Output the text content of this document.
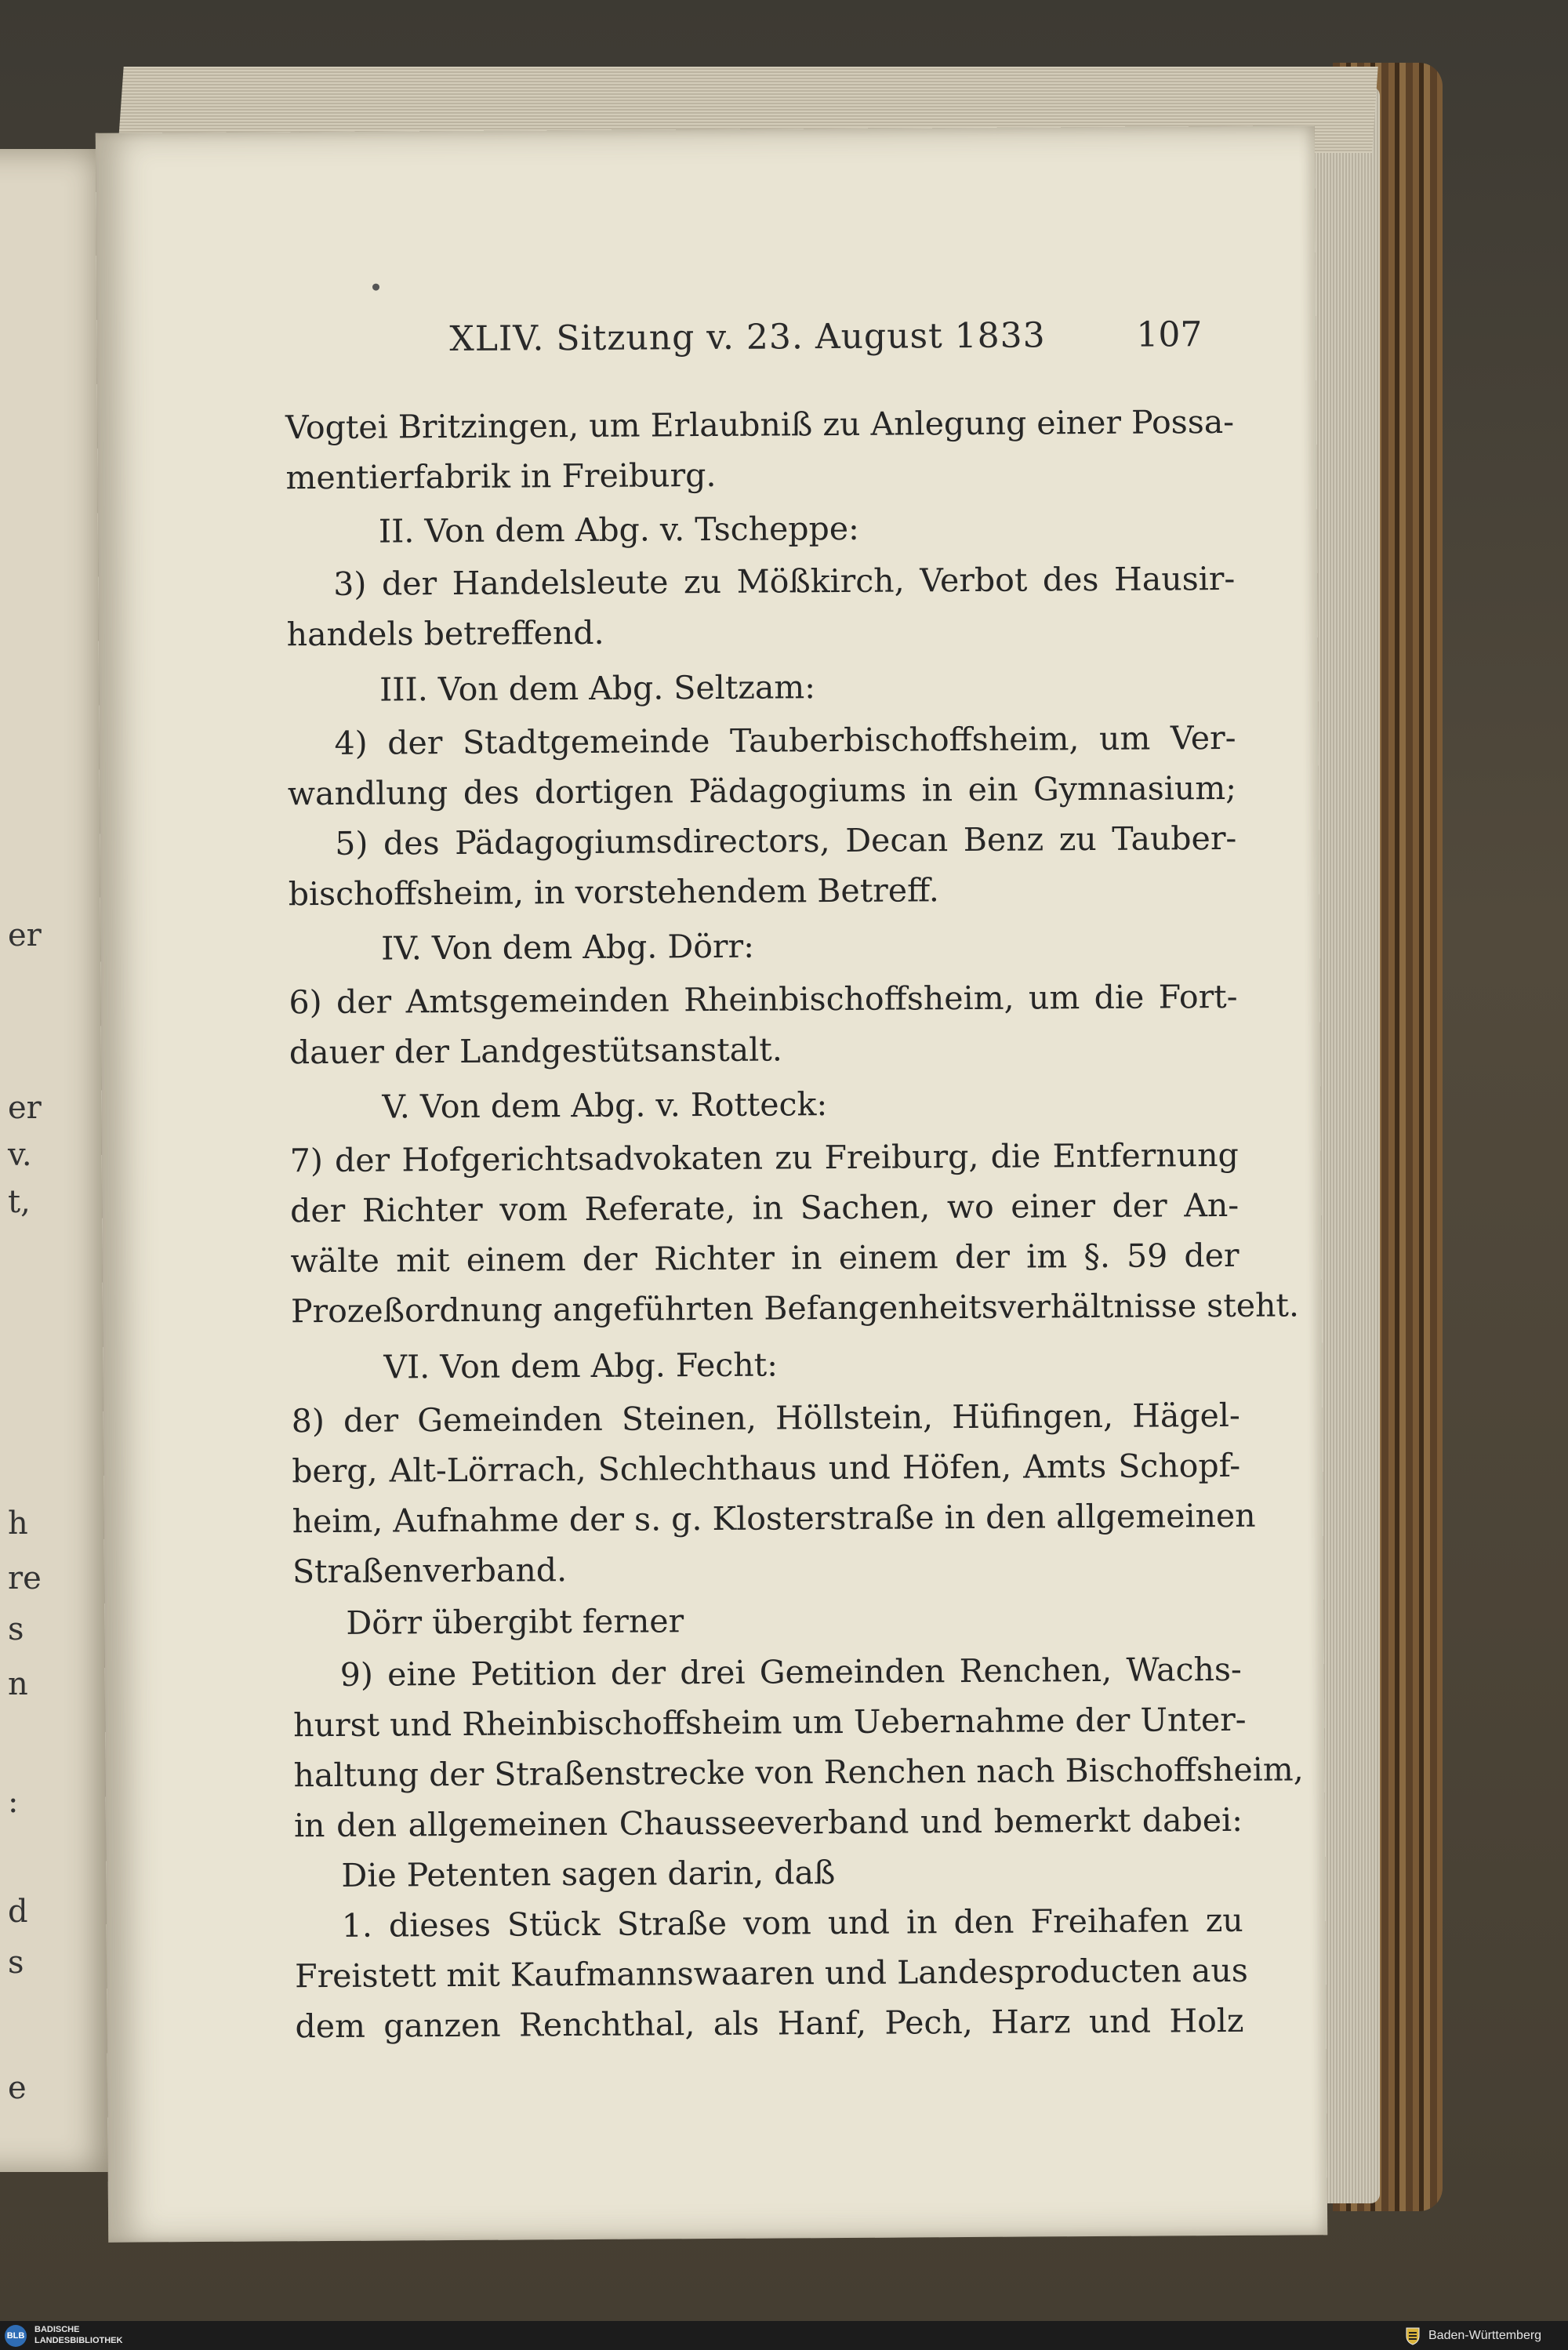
er
er
v.
t,
h
re
s
n
:
d
s
e
XLIV. Sitzung v. 23. August 1833	107
Vogtei Britzingen, um Erlaubniß zu Anlegung einer Possa-
mentierfabrik in Freiburg.
II. Von dem Abg. v. Tscheppe:
3) der Handelsleute zu Mößkirch, Verbot des Hausir-
handels betreffend.
III. Von dem Abg. Seltzam:
4) der Stadtgemeinde Tauberbischoffsheim, um Ver-
wandlung des dortigen Pädagogiums in ein Gymnasium;
5) des Pädagogiumsdirectors, Decan Benz zu Tauber-
bischoffsheim, in vorstehendem Betreff.
IV. Von dem Abg. Dörr:
6) der Amtsgemeinden Rheinbischoffsheim, um die Fort-
dauer der Landgestütsanstalt.
V. Von dem Abg. v. Rotteck:
7) der Hofgerichtsadvokaten zu Freiburg, die Entfernung
der Richter vom Referate, in Sachen, wo einer der An-
wälte mit einem der Richter in einem der im §. 59 der
Prozeßordnung angeführten Befangenheitsverhältnisse steht.
VI. Von dem Abg. Fecht:
8) der Gemeinden Steinen, Höllstein, Hüfingen, Hägel-
berg, Alt-Lörrach, Schlechthaus und Höfen, Amts Schopf-
heim, Aufnahme der s. g. Klosterstraße in den allgemeinen
Straßenverband.
Dörr übergibt ferner
9) eine Petition der drei Gemeinden Renchen, Wachs-
hurst und Rheinbischoffsheim um Uebernahme der Unter-
haltung der Straßenstrecke von Renchen nach Bischoffsheim,
in den allgemeinen Chausseeverband und bemerkt dabei:
Die Petenten sagen darin, daß
1. dieses Stück Straße vom und in den Freihafen zu
Freistett mit Kaufmannswaaren und Landesproducten aus
dem ganzen Renchthal, als Hanf, Pech, Harz und Holz
BLB
BADISCHE
LANDESBIBLIOTHEK	Baden-Württemberg
